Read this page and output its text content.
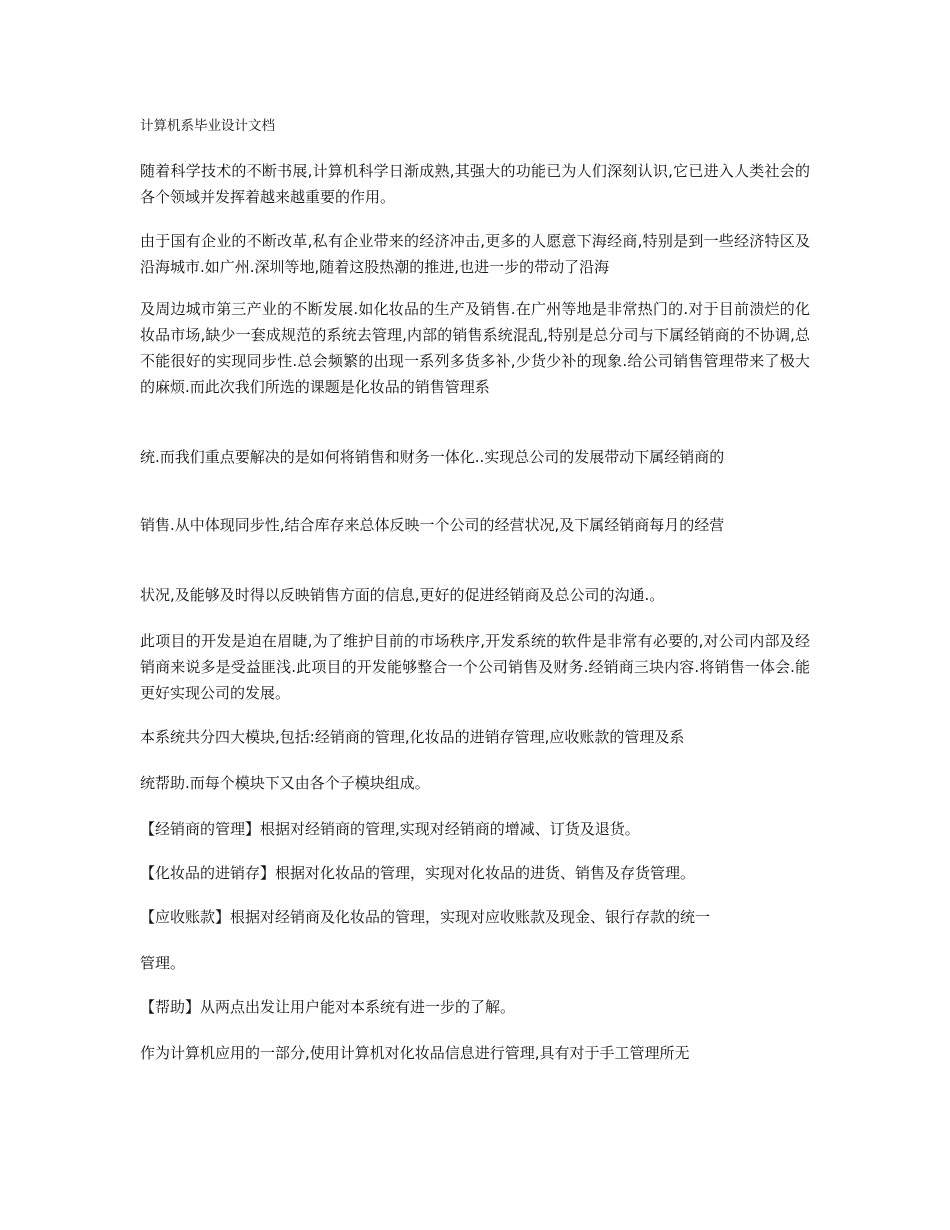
计算机系毕业设计文档

随着科学技术的不断书展,计算机科学日渐成熟,其强大的功能已为人们深刻认识,它已进入人类社会的各个领域并发挥着越来越重要的作用。

由于国有企业的不断改革,私有企业带来的经济冲击,更多的人愿意下海经商,特别是到一些经济特区及沿海城市.如广州.深圳等地,随着这股热潮的推进,也进一步的带动了沿海

及周边城市第三产业的不断发展.如化妆品的生产及销售.在广州等地是非常热门的.对于目前溃烂的化妆品市场,缺少一套成规范的系统去管理,内部的销售系统混乱,特别是总分司与下属经销商的不协调,总不能很好的实现同步性.总会频繁的出现一系列多货多补,少货少补的现象.给公司销售管理带来了极大的麻烦.而此次我们所选的课题是化妆品的销售管理系

统.而我们重点要解决的是如何将销售和财务一体化..实现总公司的发展带动下属经销商的

销售.从中体现同步性,结合库存来总体反映一个公司的经营状况,及下属经销商每月的经营

状况,及能够及时得以反映销售方面的信息,更好的促进经销商及总公司的沟通.。

此项目的开发是迫在眉睫,为了维护目前的市场秩序,开发系统的软件是非常有必要的,对公司内部及经销商来说多是受益匪浅.此项目的开发能够整合一个公司销售及财务.经销商三块内容.将销售一体会.能更好实现公司的发展。

本系统共分四大模块,包括:经销商的管理,化妆品的进销存管理,应收账款的管理及系

统帮助.而每个模块下又由各个子模块组成。

【经销商的管理】根据对经销商的管理,实现对经销商的增减、订货及退货。

【化妆品的进销存】根据对化妆品的管理，实现对化妆品的进货、销售及存货管理。

【应收账款】根据对经销商及化妆品的管理，实现对应收账款及现金、银行存款的统一

管理。

【帮助】从两点出发让用户能对本系统有进一步的了解。

作为计算机应用的一部分,使用计算机对化妆品信息进行管理,具有对于手工管理所无
